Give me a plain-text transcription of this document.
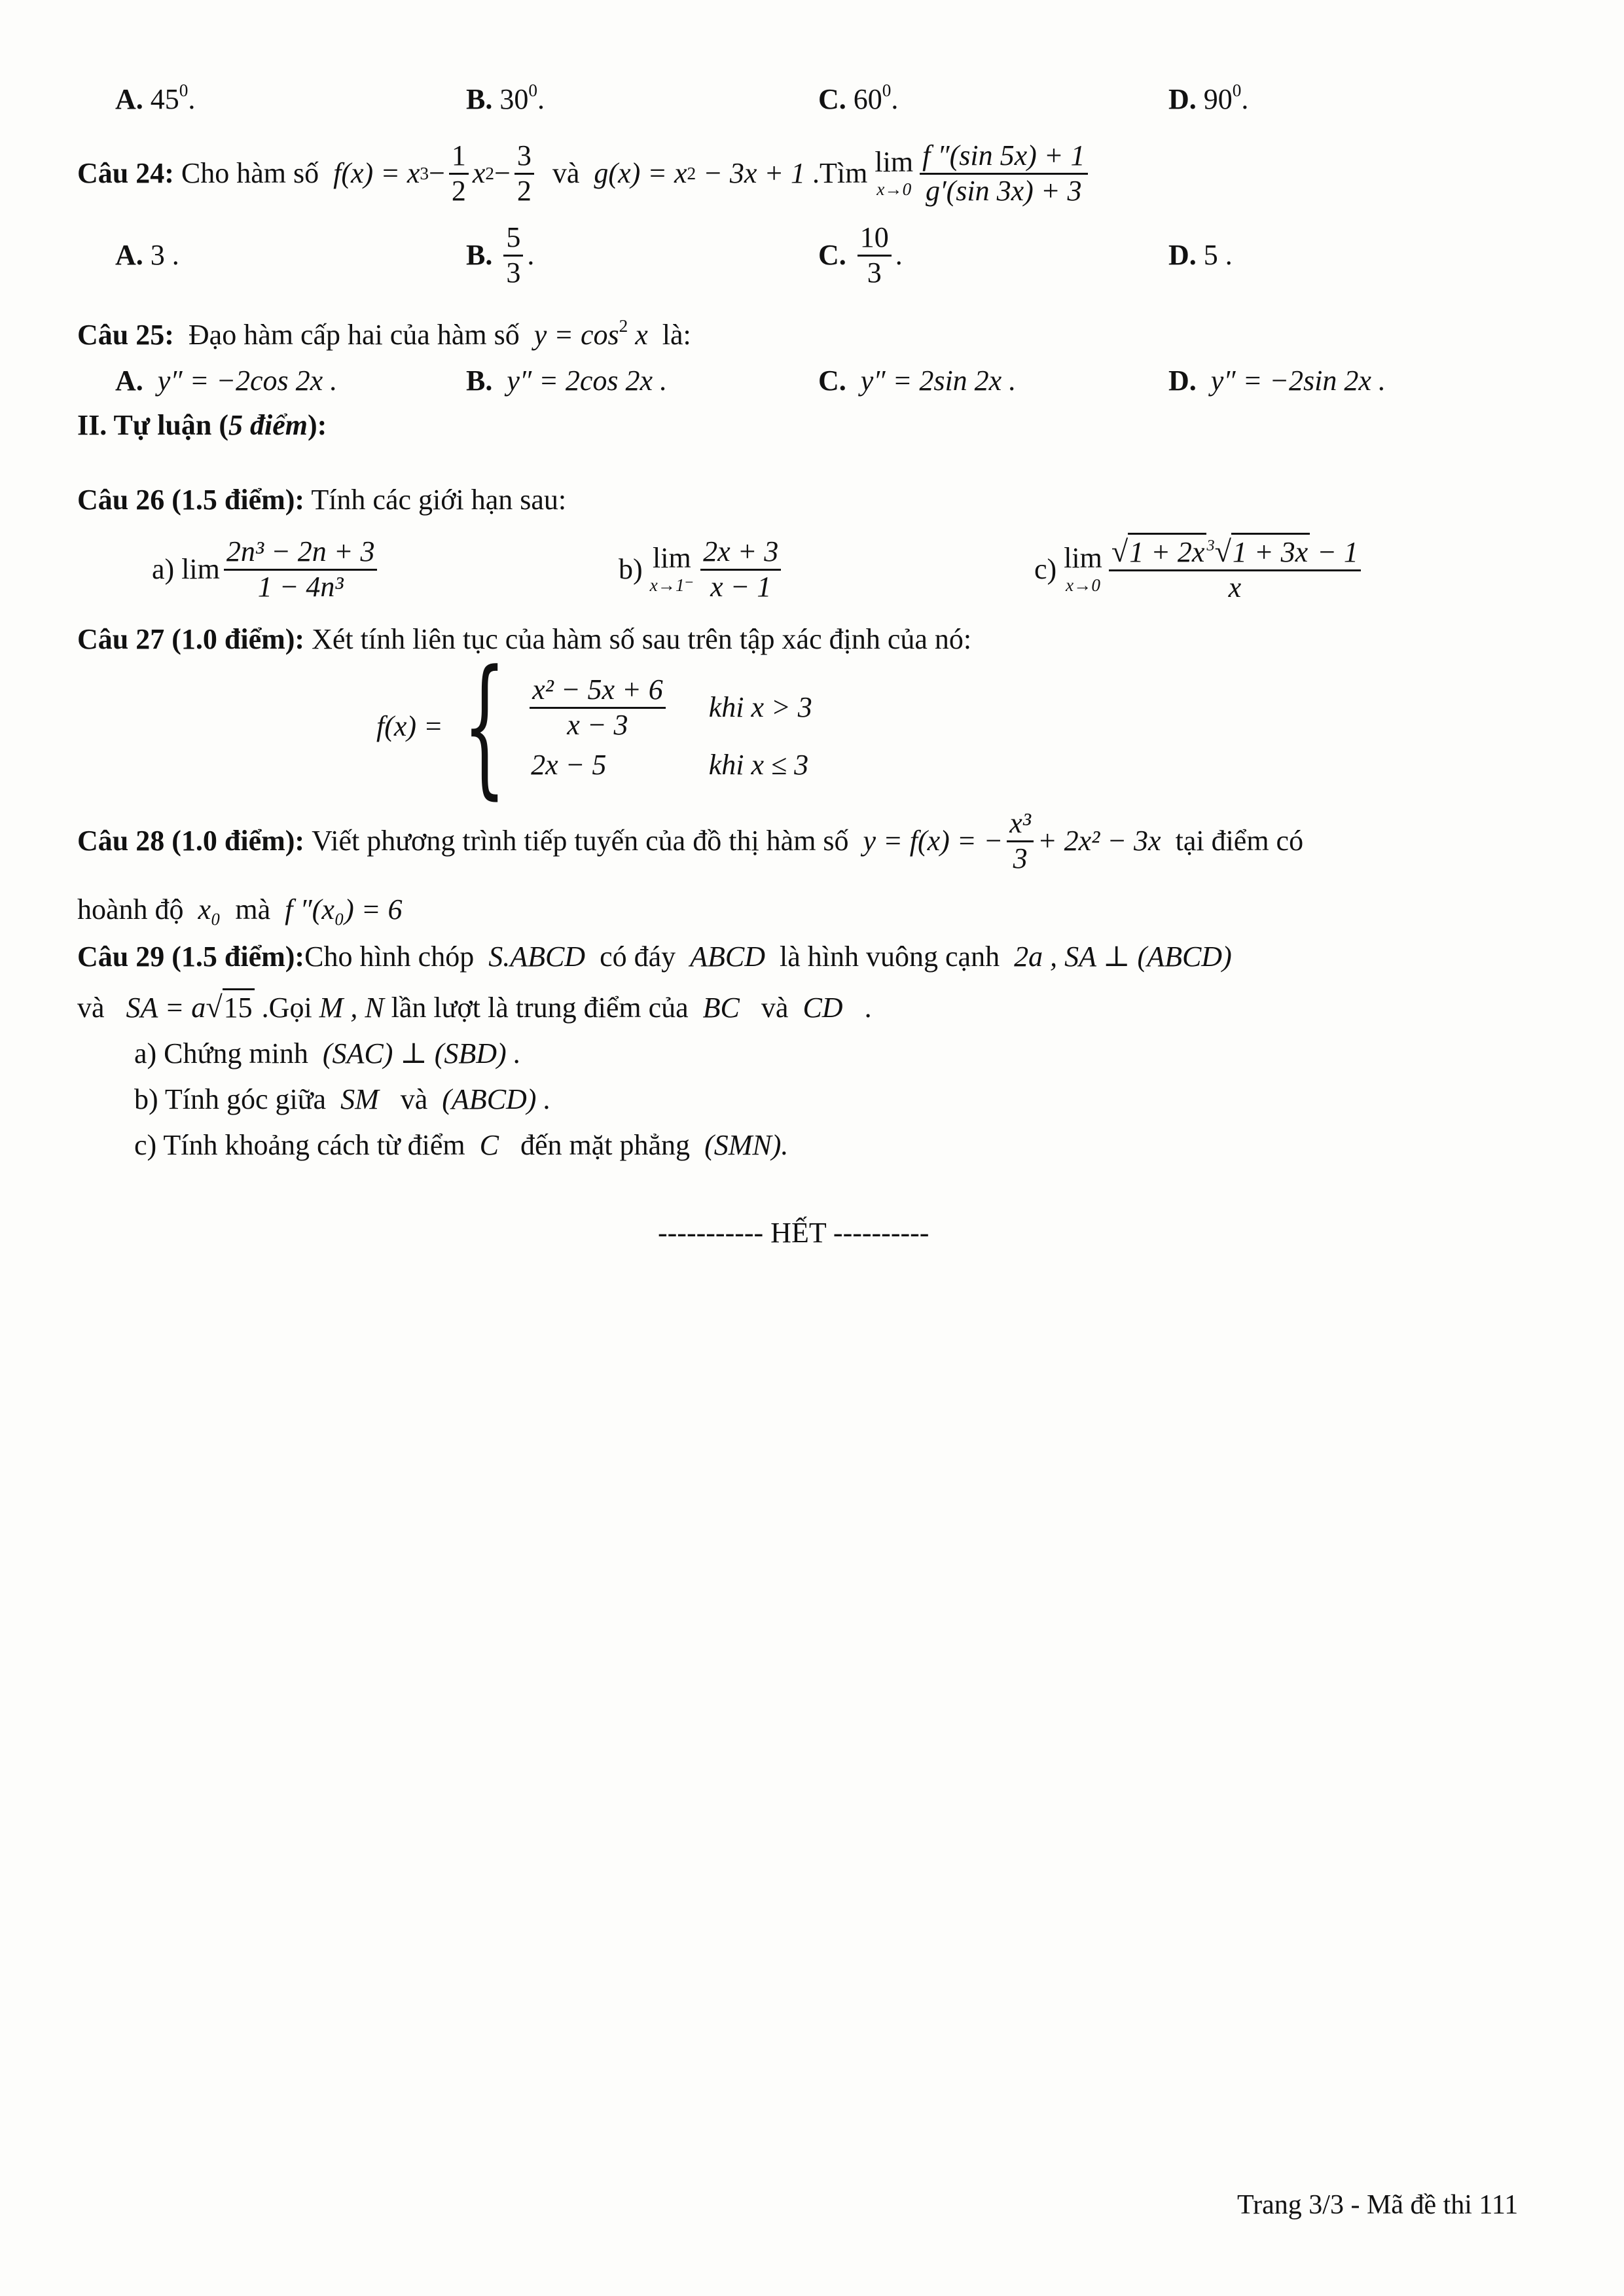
A. $45^0$.	B. $30^0$.	C. $60^0$.	D. $90^0$.
Câu 24:
Cho hàm số
f(x) = x $3 - \frac{1}{2}$ x $2 - \frac{3}{2}$
và
g(x) = x 2
− 3x + 1
.Tìm
lim
$x\to 0 \frac{f ''(\sin 5x) + 1}{g'(\sin 3x) + 3}$
A.
3 .	B.
$\frac{5}{3}$ .	C.
$\frac{10}{3}$ .	D.
5 .
Câu 25: Đạo hàm cấp hai của hàm số $y = \cos^2 x$ là:
A. y″ = −2cos 2x .	B. y″ = 2cos 2x .	C. y″ = 2sin 2x .	D. y″ = −2sin 2x .
II. Tự luận (5 điểm):
Câu 26 (1.5 điểm): Tính các giới hạn sau:
a)
$\lim \frac{\text{2n³ − 2n + 3}}{\text{1 − 4n³}}$	b)
lim
$x\to 1^- \frac{2x + 3}{x - 1}$	c)
lim
$x\to 0 \frac{√1 + 2x ^3√1 + 3x - 1}{x}$
Câu 27 (1.0 điểm): Xét tính liên tục của hàm số sau trên tập xác định của nó:
f(x) = { $\frac{\text{x² − 5x + 6}}{x - 3}$ khi x > 3
2x − 5	khi x ≤ 3
Câu 28 (1.0 điểm):
Viết phương trình tiếp tuyến của đồ thị hàm số
y = f(x) = − $\frac{\text{x³}}{3} + 2x^2 - 3x$
tại điểm có
hoành độ x₀ mà f ″(x₀) = 6
Câu 29 (1.5 điểm):Cho hình chóp S.ABCD có đáy ABCD là hình vuông cạnh 2a , SA ⊥ (ABCD)
và SA = a√15 .Gọi M , N lần lượt là trung điểm của BC và CD .
a) Chứng minh (SAC) ⊥ (SBD) .
b) Tính góc giữa SM và (ABCD) .
c) Tính khoảng cách từ điểm C đến mặt phẳng (SMN).
----------- HẾT ----------
Trang 3/3 - Mã đề thi 111
